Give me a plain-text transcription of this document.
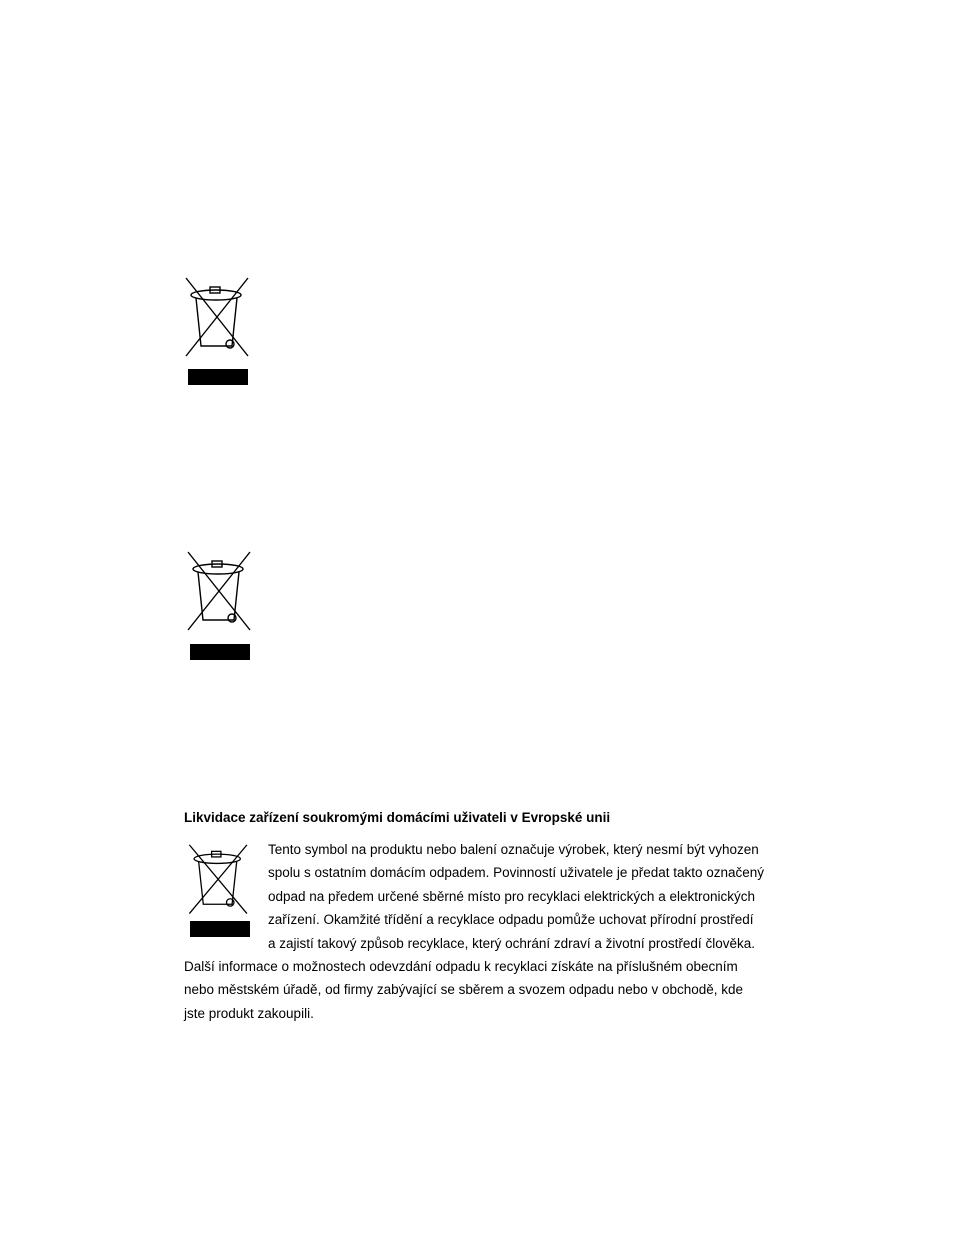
Likvidace zařízení soukromými domácími uživateli v Evropské unii

Tento symbol na produktu nebo balení označuje výrobek, který nesmí být vyhozen
spolu s ostatním domácím odpadem. Povinností uživatele je předat takto označený
odpad na předem určené sběrné místo pro recyklaci elektrických a elektronických
zařízení. Okamžité třídění a recyklace odpadu pomůže uchovat přírodní prostředí
a zajistí takový způsob recyklace, který ochrání zdraví a životní prostředí člověka.

Další informace o možnostech odevzdání odpadu k recyklaci získáte na příslušném obecním
nebo městském úřadě, od firmy zabývající se sběrem a svozem odpadu nebo v obchodě, kde
jste produkt zakoupili.
